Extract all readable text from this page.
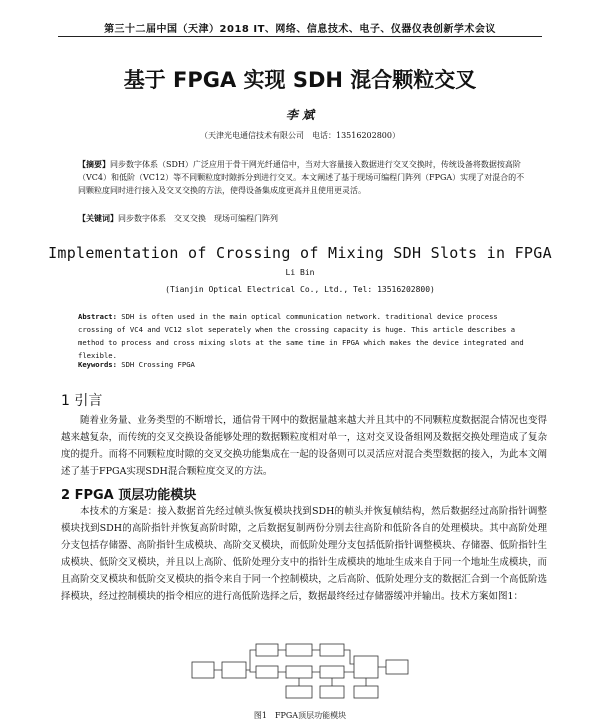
第三十二届中国（天津）2018 IT、网络、信息技术、电子、仪器仪表创新学术会议
基于 FPGA 实现 SDH 混合颗粒交叉
李 斌
（天津光电通信技术有限公司　电话：13516202800）
【摘要】同步数字体系（SDH）广泛应用于骨干网光纤通信中，当对大容量接入数据进行交叉交换时，传统设备将数据按高阶（VC4）和低阶（VC12）等不同颗粒度时隙拆分到进行交叉。本文阐述了基于现场可编程门阵列（FPGA）实现了对混合的不同颗粒度同时进行接入及交叉交换的方法，使得设备集成度更高并且使用更灵活。
【关键词】同步数字体系　交叉交换　现场可编程门阵列
Implementation of Crossing of Mixing SDH Slots in FPGA
Li Bin
(Tianjin Optical Electrical Co., Ltd., Tel: 13516202800)
Abstract: SDH is often used in the main optical communication network. traditional device process crossing of VC4 and VC12 slot seperately when the crossing capacity is huge. This article describes a method to process and cross mixing slots at the same time in FPGA which makes the device integrated and flexible.
Keywords: SDH Crossing FPGA
1 引言
随着业务量、业务类型的不断增长，通信骨干网中的数据量越来越大并且其中的不同颗粒度数据混合情况也变得越来越复杂，而传统的交叉交换设备能够处理的数据颗粒度相对单一，这对交叉设备组网及数据交换处理造成了复杂度的提升。而将不同颗粒度时隙的交叉交换功能集成在一起的设备则可以灵活应对混合类型数据的接入，为此本文阐述了基于FPGA实现SDH混合颗粒度交叉的方法。
2 FPGA 顶层功能模块
本技术的方案是：接入数据首先经过帧头恢复模块找到SDH的帧头并恢复帧结构，然后数据经过高阶指针调整模块找到SDH的高阶指针并恢复高阶时隙，之后数据复制两份分别去往高阶和低阶各自的处理模块。其中高阶处理分支包括存储器、高阶指针生成模块、高阶交叉模块，而低阶处理分支包括低阶指针调整模块、存储器、低阶指针生成模块、低阶交叉模块，并且以上高阶、低阶处理分支中的指针生成模块的地址生成来自于同一个地址生成模块，而且高阶交叉模块和低阶交叉模块的指令来自于同一个控制模块，之后高阶、低阶处理分支的数据汇合到一个高低阶选择模块，经过控制模块的指令相应的进行高低阶选择之后，数据最终经过存储器缓冲并输出。技术方案如图1：
图1　FPGA顶层功能模块
